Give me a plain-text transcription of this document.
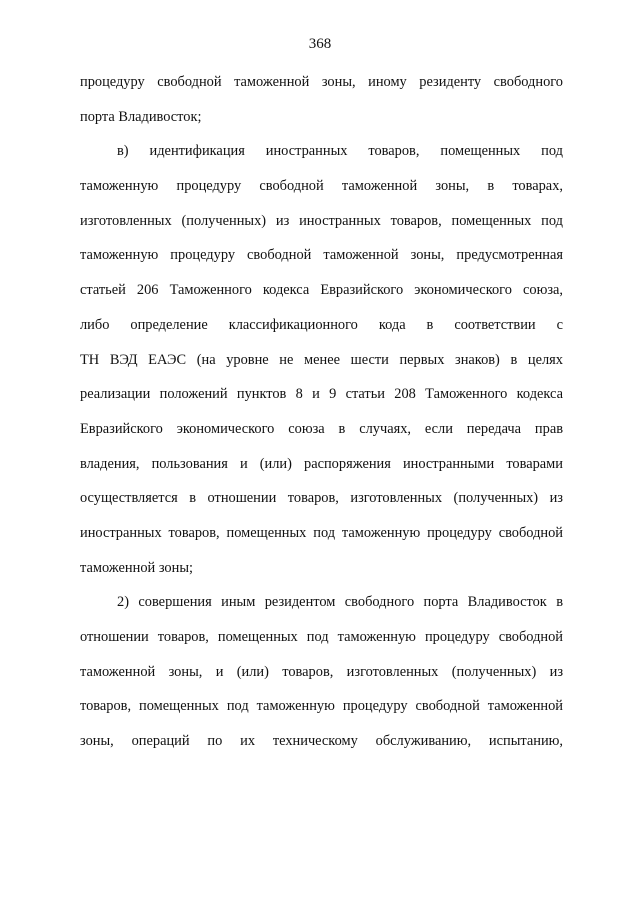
368
процедуру свободной таможенной зоны, иному резиденту свободного
порта Владивосток;
в) идентификация иностранных товаров, помещенных под
таможенную процедуру свободной таможенной зоны, в товарах,
изготовленных (полученных) из иностранных товаров, помещенных под
таможенную процедуру свободной таможенной зоны, предусмотренная
статьей 206 Таможенного кодекса Евразийского экономического союза,
либо определение классификационного кода в соответствии с
ТН ВЭД ЕАЭС (на уровне не менее шести первых знаков) в целях
реализации положений пунктов 8 и 9 статьи 208 Таможенного кодекса
Евразийского экономического союза в случаях, если передача прав
владения, пользования и (или) распоряжения иностранными товарами
осуществляется в отношении товаров, изготовленных (полученных) из
иностранных товаров, помещенных под таможенную процедуру свободной
таможенной зоны;
2) совершения иным резидентом свободного порта Владивосток в
отношении товаров, помещенных под таможенную процедуру свободной
таможенной зоны, и (или) товаров, изготовленных (полученных) из
товаров, помещенных под таможенную процедуру свободной таможенной
зоны, операций по их техническому обслуживанию, испытанию,
